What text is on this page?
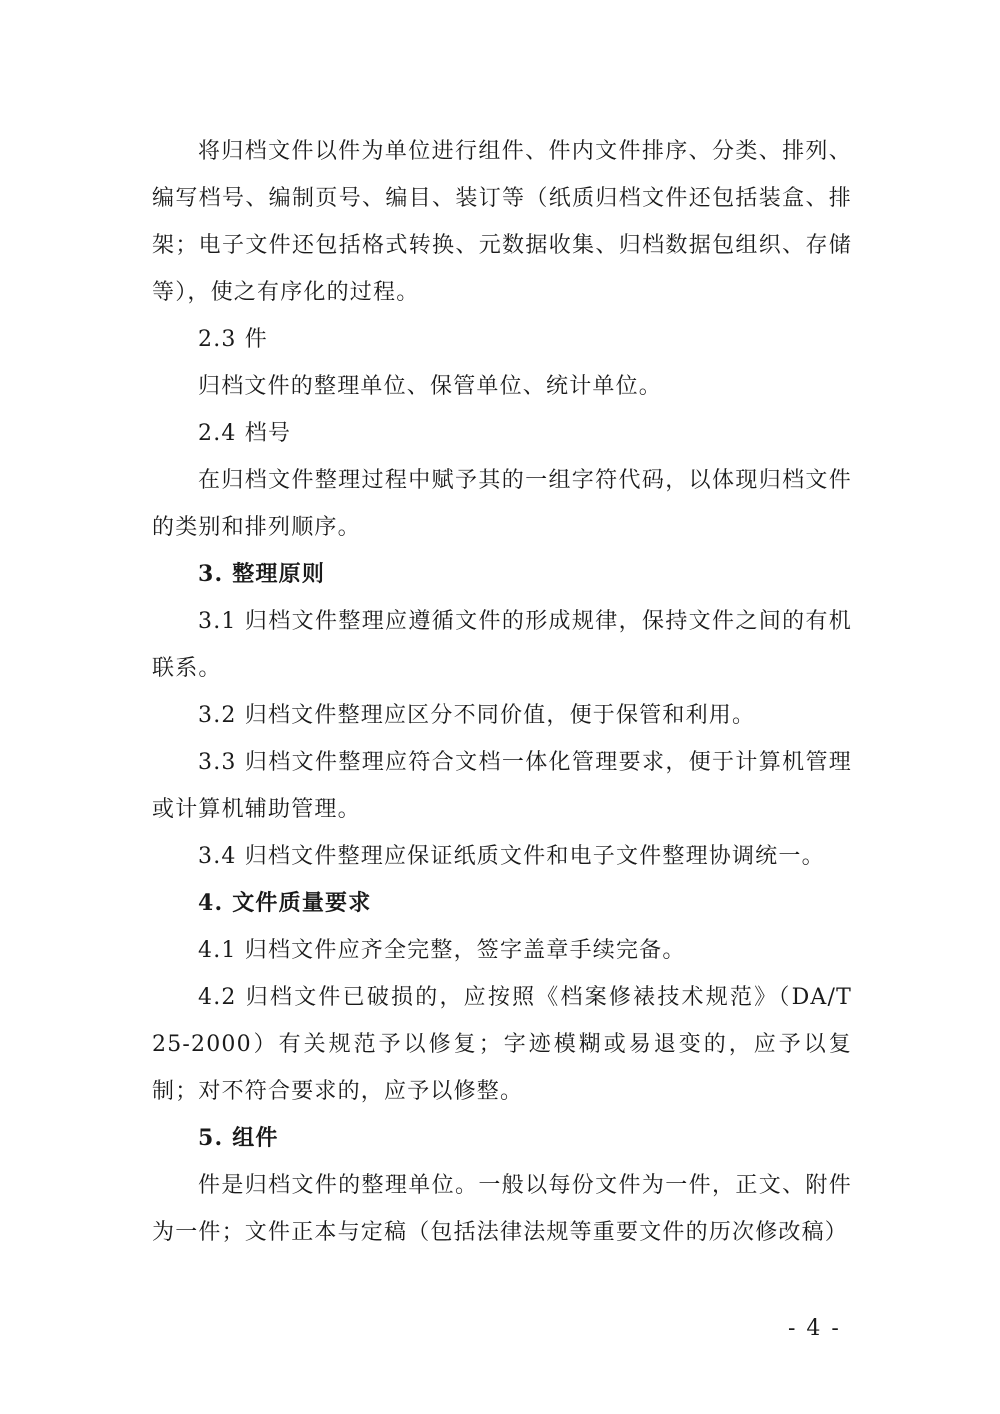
将归档文件以件为单位进行组件、件内文件排序、分类、排列、编写档号、编制页号、编目、装订等（纸质归档文件还包括装盒、排架；电子文件还包括格式转换、元数据收集、归档数据包组织、存储等），使之有序化的过程。

2.3 件

归档文件的整理单位、保管单位、统计单位。

2.4 档号

在归档文件整理过程中赋予其的一组字符代码，以体现归档文件的类别和排列顺序。

3. 整理原则

3.1 归档文件整理应遵循文件的形成规律，保持文件之间的有机联系。

3.2 归档文件整理应区分不同价值，便于保管和利用。

3.3 归档文件整理应符合文档一体化管理要求，便于计算机管理或计算机辅助管理。

3.4 归档文件整理应保证纸质文件和电子文件整理协调统一。

4. 文件质量要求

4.1 归档文件应齐全完整，签字盖章手续完备。

4.2 归档文件已破损的，应按照《档案修裱技术规范》（DA/T 25-2000）有关规范予以修复；字迹模糊或易退变的，应予以复制；对不符合要求的，应予以修整。

5. 组件

件是归档文件的整理单位。一般以每份文件为一件，正文、附件为一件；文件正本与定稿（包括法律法规等重要文件的历次修改稿）

- 4 -
